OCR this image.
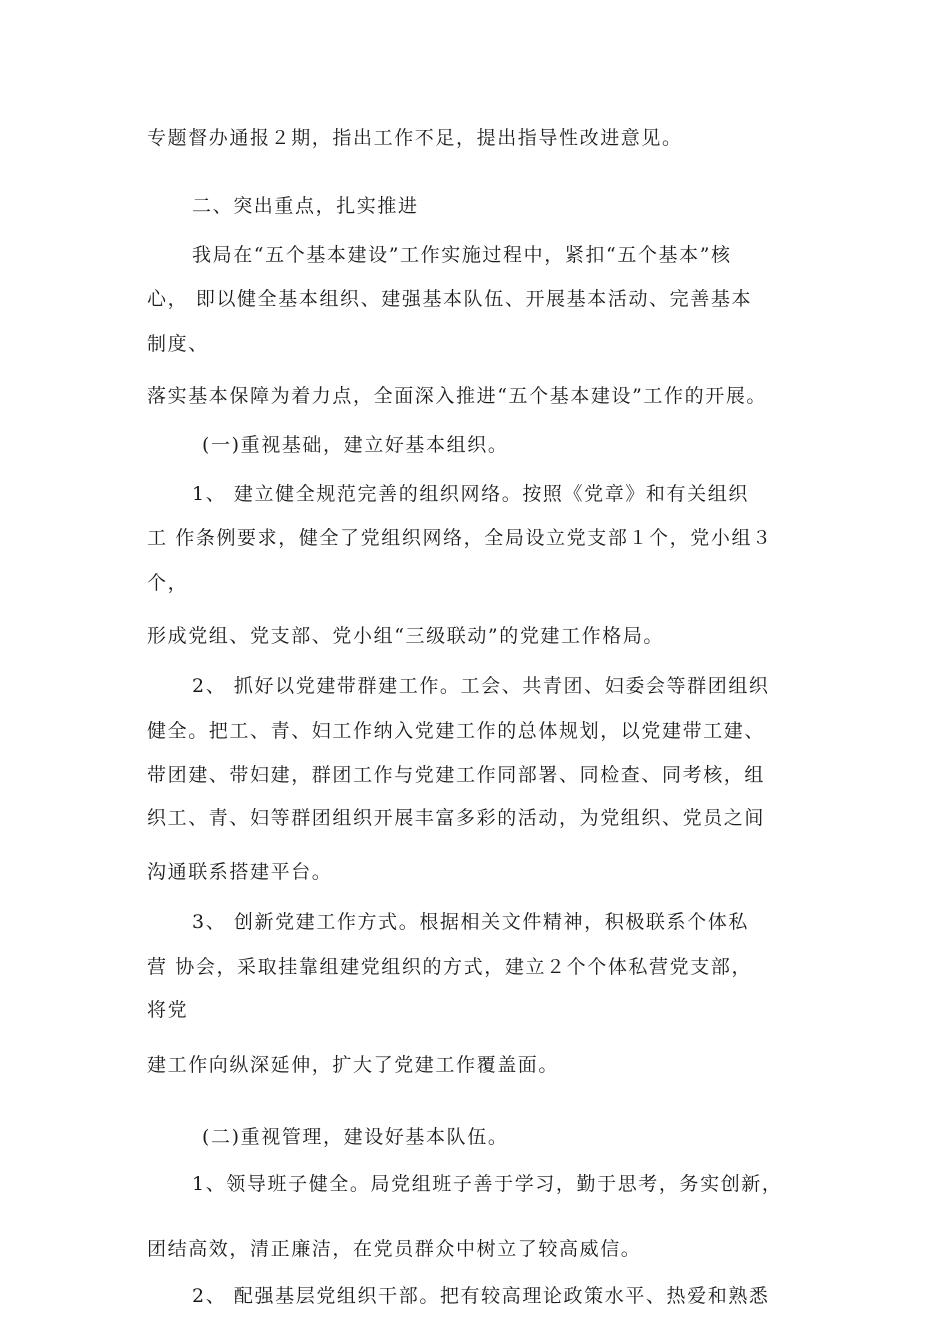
专题督办通报２期，指出工作不足，提出指导性改进意见。

二、突出重点，扎实推进

我局在“五个基本建设”工作实施过程中，紧扣“五个基本”核

心， 即以健全基本组织、建强基本队伍、开展基本活动、完善基本

制度、

落实基本保障为着力点，全面深入推进“五个基本建设”工作的开展。

(一)重视基础，建立好基本组织。

1、 建立健全规范完善的组织网络。按照《党章》和有关组织

工 作条例要求，健全了党组织网络，全局设立党支部１个，党小组３

个，

形成党组、党支部、党小组“三级联动”的党建工作格局。

2、 抓好以党建带群建工作。工会、共青团、妇委会等群团组织

健全。把工、青、妇工作纳入党建工作的总体规划，以党建带工建、

带团建、带妇建，群团工作与党建工作同部署、同检查、同考核，组

织工、青、妇等群团组织开展丰富多彩的活动，为党组织、党员之间

沟通联系搭建平台。

3、 创新党建工作方式。根据相关文件精神，积极联系个体私

营 协会，采取挂靠组建党组织的方式，建立２个个体私营党支部，

将党

建工作向纵深延伸，扩大了党建工作覆盖面。

(二)重视管理，建设好基本队伍。

1、领导班子健全。局党组班子善于学习，勤于思考，务实创新，

团结高效，清正廉洁，在党员群众中树立了较高威信。

2、 配强基层党组织干部。把有较高理论政策水平、热爱和熟悉
